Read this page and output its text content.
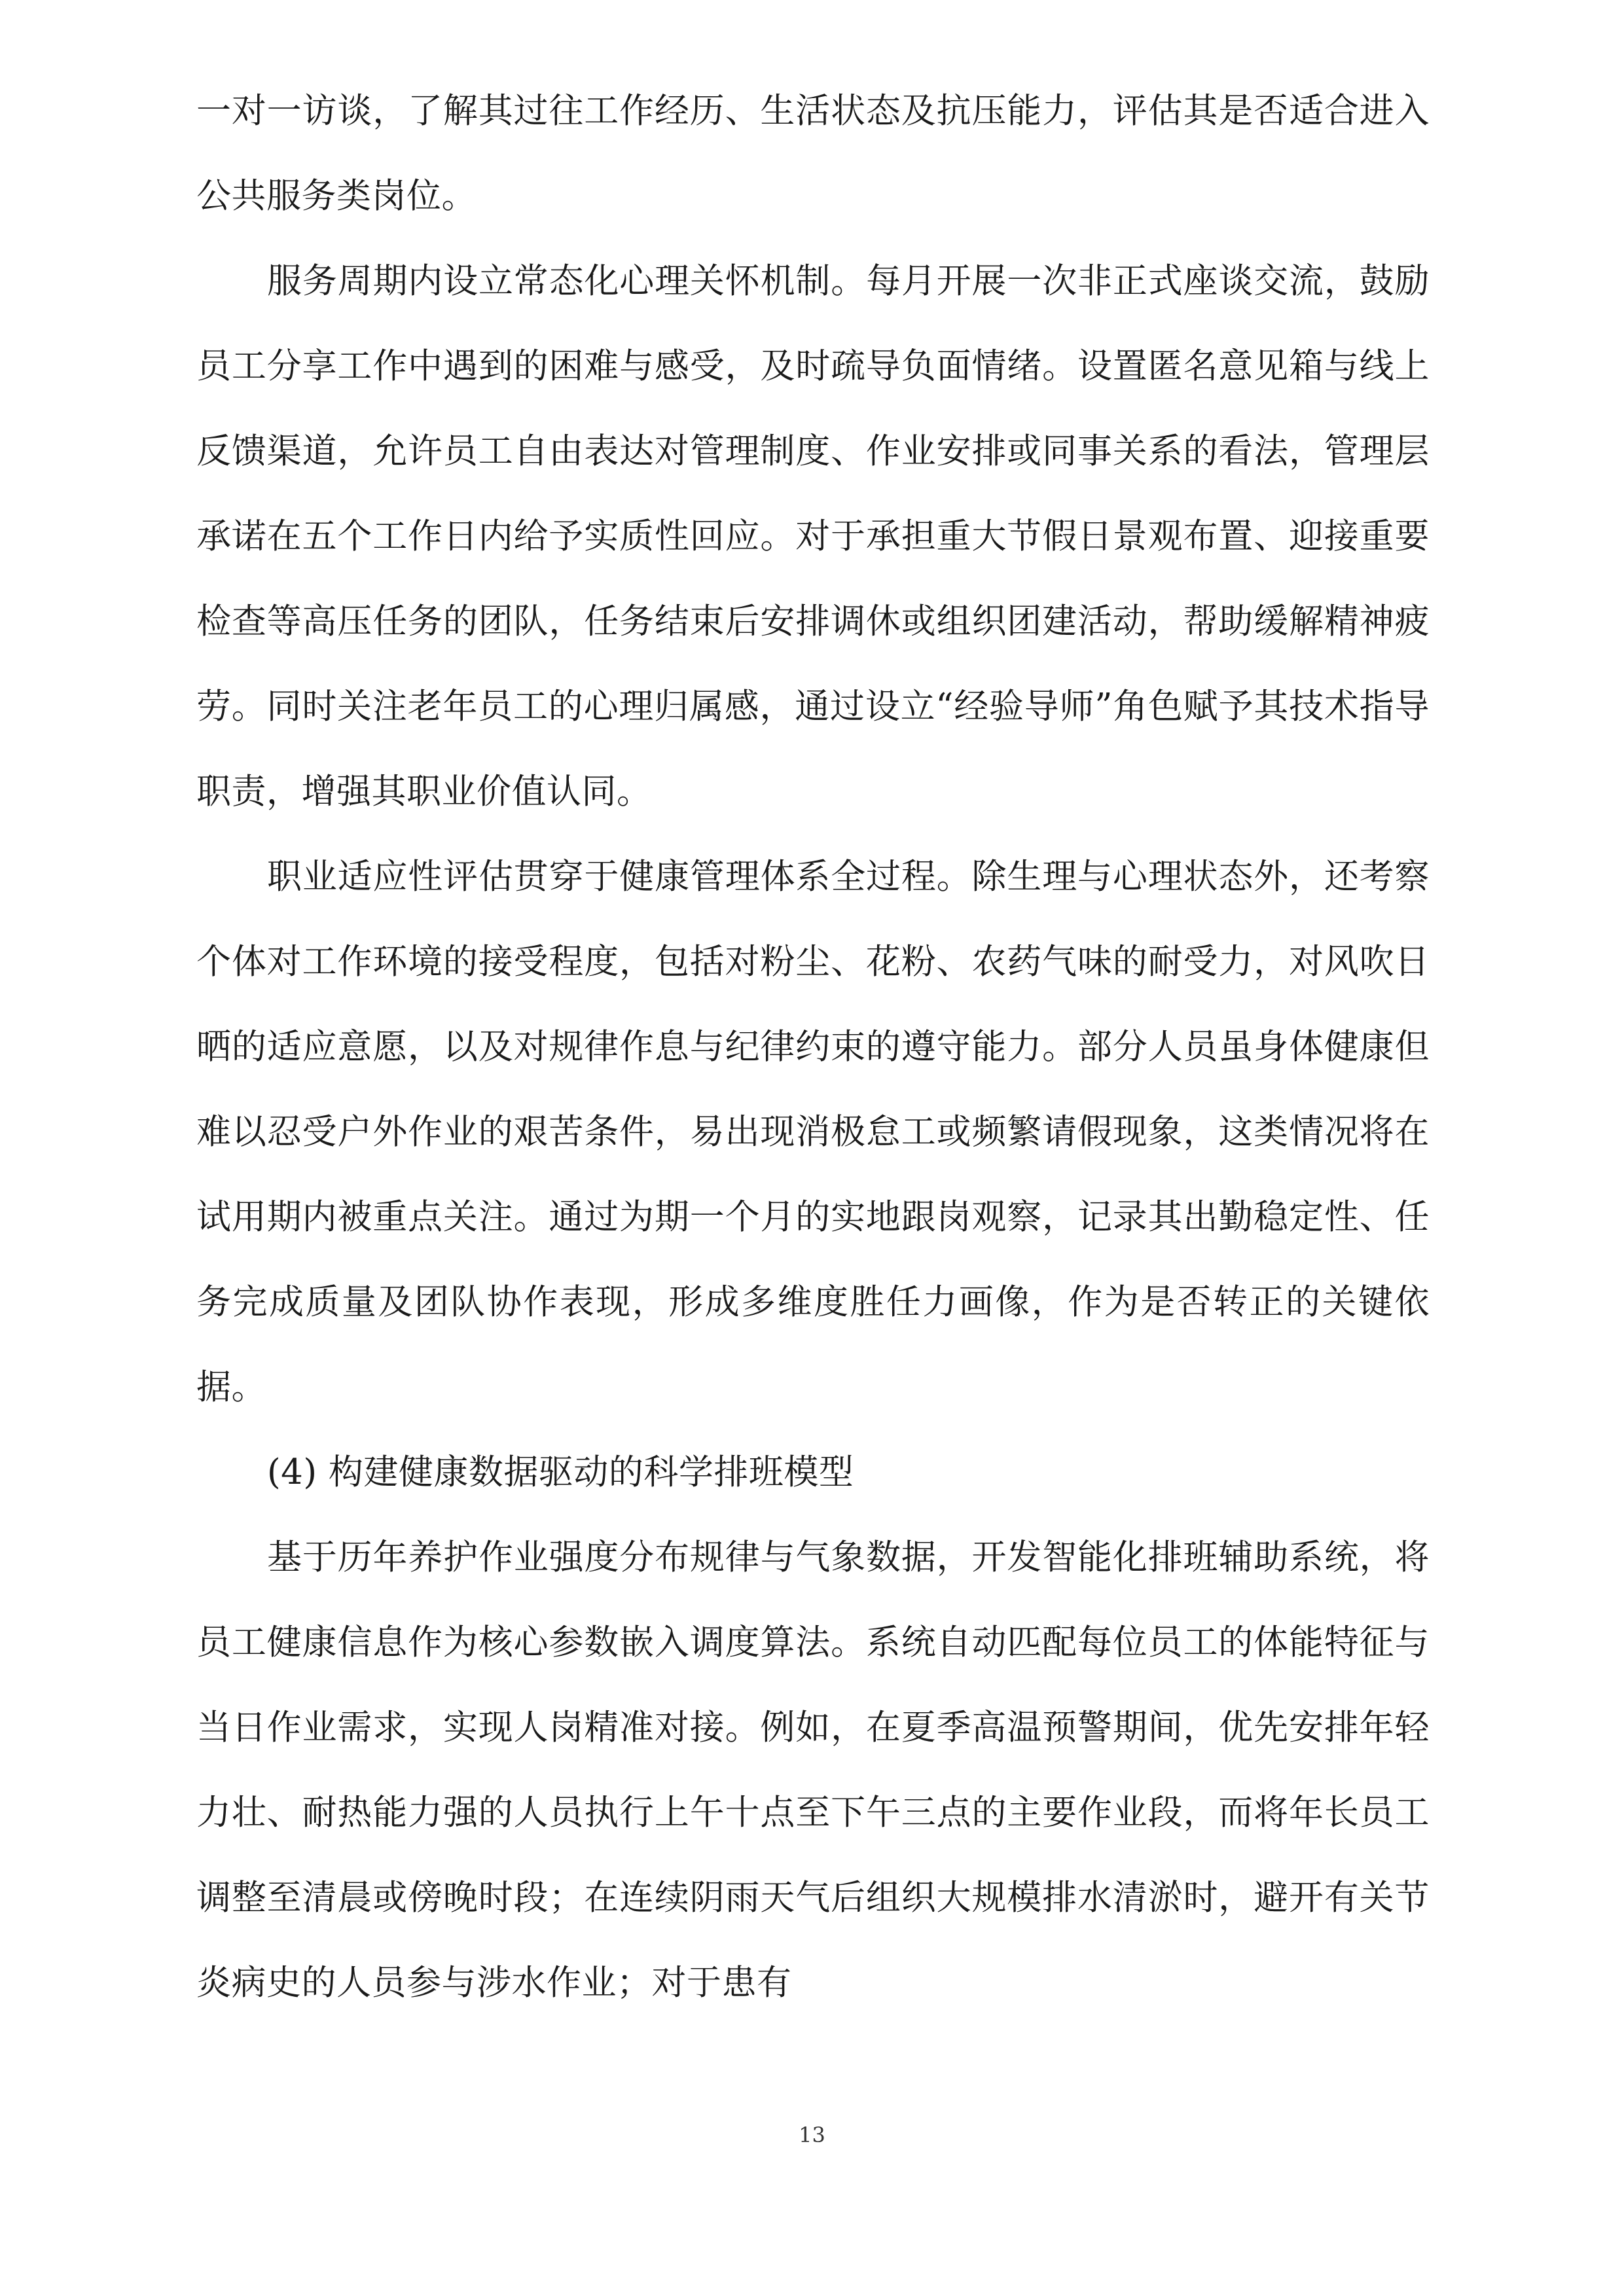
一对一访谈，了解其过往工作经历、生活状态及抗压能力，评估其是否适合进入公共服务类岗位。

服务周期内设立常态化心理关怀机制。每月开展一次非正式座谈交流，鼓励员工分享工作中遇到的困难与感受，及时疏导负面情绪。设置匿名意见箱与线上反馈渠道，允许员工自由表达对管理制度、作业安排或同事关系的看法，管理层承诺在五个工作日内给予实质性回应。对于承担重大节假日景观布置、迎接重要检查等高压任务的团队，任务结束后安排调休或组织团建活动，帮助缓解精神疲劳。同时关注老年员工的心理归属感，通过设立“经验导师”角色赋予其技术指导职责，增强其职业价值认同。

职业适应性评估贯穿于健康管理体系全过程。除生理与心理状态外，还考察个体对工作环境的接受程度，包括对粉尘、花粉、农药气味的耐受力，对风吹日晒的适应意愿，以及对规律作息与纪律约束的遵守能力。部分人员虽身体健康但难以忍受户外作业的艰苦条件，易出现消极怠工或频繁请假现象，这类情况将在试用期内被重点关注。通过为期一个月的实地跟岗观察，记录其出勤稳定性、任务完成质量及团队协作表现，形成多维度胜任力画像，作为是否转正的关键依据。

(4) 构建健康数据驱动的科学排班模型

基于历年养护作业强度分布规律与气象数据，开发智能化排班辅助系统，将员工健康信息作为核心参数嵌入调度算法。系统自动匹配每位员工的体能特征与当日作业需求，实现人岗精准对接。例如，在夏季高温预警期间，优先安排年轻力壮、耐热能力强的人员执行上午十点至下午三点的主要作业段，而将年长员工调整至清晨或傍晚时段；在连续阴雨天气后组织大规模排水清淤时，避开有关节炎病史的人员参与涉水作业；对于患有

13
